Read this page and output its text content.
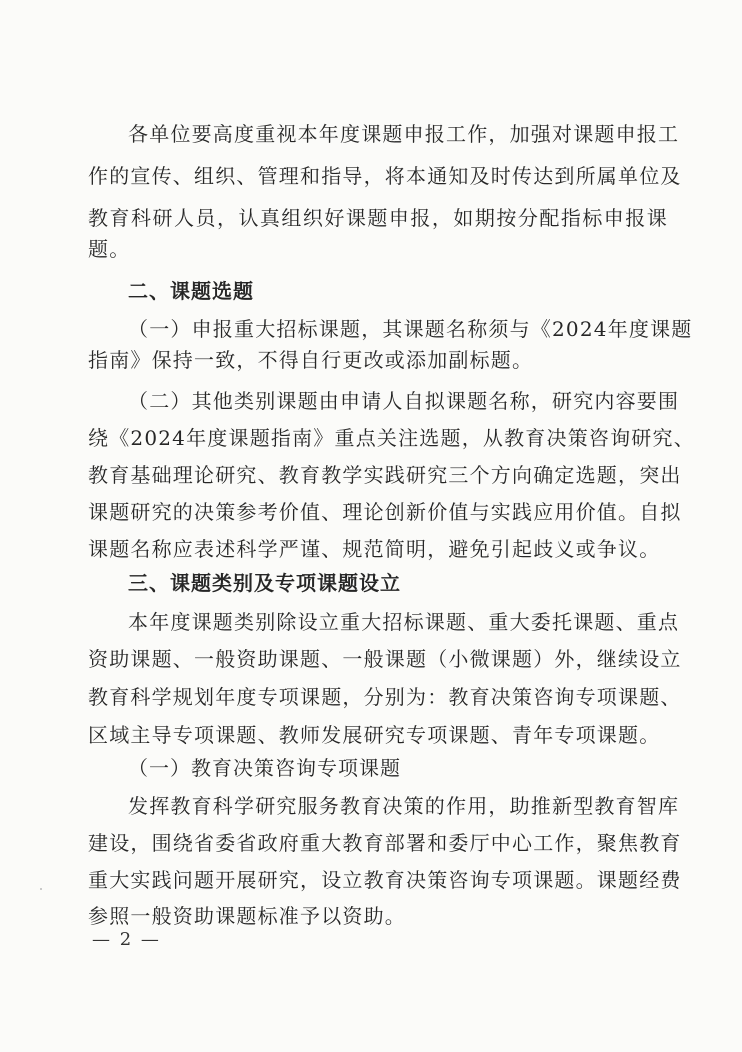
各单位要高度重视本年度课题申报工作，加强对课题申报工
作的宣传、组织、管理和指导，将本通知及时传达到所属单位及
教育科研人员，认真组织好课题申报，如期按分配指标申报课
题。
二、课题选题
（一）申报重大招标课题，其课题名称须与《2024年度课题
指南》保持一致，不得自行更改或添加副标题。
（二）其他类别课题由申请人自拟课题名称，研究内容要围
绕《2024年度课题指南》重点关注选题，从教育决策咨询研究、
教育基础理论研究、教育教学实践研究三个方向确定选题，突出
课题研究的决策参考价值、理论创新价值与实践应用价值。自拟
课题名称应表述科学严谨、规范简明，避免引起歧义或争议。
三、课题类别及专项课题设立
本年度课题类别除设立重大招标课题、重大委托课题、重点
资助课题、一般资助课题、一般课题（小微课题）外，继续设立
教育科学规划年度专项课题，分别为：教育决策咨询专项课题、
区域主导专项课题、教师发展研究专项课题、青年专项课题。
（一）教育决策咨询专项课题
发挥教育科学研究服务教育决策的作用，助推新型教育智库
建设，围绕省委省政府重大教育部署和委厅中心工作，聚焦教育
重大实践问题开展研究，设立教育决策咨询专项课题。课题经费
参照一般资助课题标准予以资助。
— 2 —
